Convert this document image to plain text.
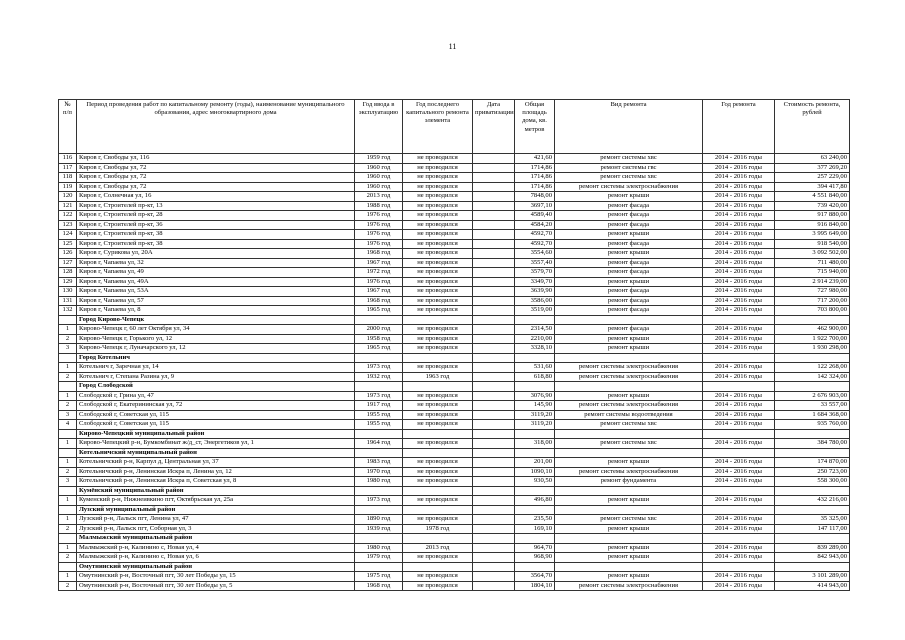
11
№ п/п	Период проведения работ по капитальному ремонту (годы), наименование муниципального образования, адрес многоквартирного дома	Год ввода в эксплуатацию	Год последнего капитального ремонта элемента	Дата приватизации	Общая площадь дома, кв. метров	Вид ремонта	Год ремонта	Стоимость ремонта, рублей
116	Киров г, Свободы ул, 116	1959 год	не проводился		421,60	ремонт системы хвс	2014 - 2016 годы	63 240,00
117	Киров г, Свободы ул, 72	1960 год	не проводился		1714,86	ремонт системы гвс	2014 - 2016 годы	377 269,20
118	Киров г, Свободы ул, 72	1960 год	не проводился		1714,86	ремонт системы хвс	2014 - 2016 годы	257 229,00
119	Киров г, Свободы ул, 72	1960 год	не проводился		1714,86	ремонт системы электроснабжения	2014 - 2016 годы	394 417,80
120	Киров г, Солнечная ул, 16	2013 год	не проводился		7848,00	ремонт крыши	2014 - 2016 годы	4 551 840,00
121	Киров г, Строителей пр-кт, 13	1988 год	не проводился		3697,10	ремонт фасада	2014 - 2016 годы	739 420,00
122	Киров г, Строителей пр-кт, 28	1976 год	не проводился		4589,40	ремонт фасада	2014 - 2016 годы	917 880,00
123	Киров г, Строителей пр-кт, 36	1976 год	не проводился		4584,20	ремонт фасада	2014 - 2016 годы	916 840,00
124	Киров г, Строителей пр-кт, 38	1976 год	не проводился		4592,70	ремонт крыши	2014 - 2016 годы	3 995 649,00
125	Киров г, Строителей пр-кт, 38	1976 год	не проводился		4592,70	ремонт фасада	2014 - 2016 годы	918 540,00
126	Киров г, Сурикова ул, 20А	1968 год	не проводился		3554,60	ремонт крыши	2014 - 2016 годы	3 092 502,00
127	Киров г, Чапаева ул, 32	1967 год	не проводился		3557,40	ремонт фасада	2014 - 2016 годы	711 480,00
128	Киров г, Чапаева ул, 49	1972 год	не проводился		3579,70	ремонт фасада	2014 - 2016 годы	715 940,00
129	Киров г, Чапаева ул, 49А	1976 год	не проводился		3349,70	ремонт крыши	2014 - 2016 годы	2 914 239,00
130	Киров г, Чапаева ул, 53А	1967 год	не проводился		3639,90	ремонт фасада	2014 - 2016 годы	727 980,00
131	Киров г, Чапаева ул, 57	1968 год	не проводился		3586,00	ремонт фасада	2014 - 2016 годы	717 200,00
132	Киров г, Чапаева ул, 8	1965 год	не проводился		3519,00	ремонт фасада	2014 - 2016 годы	703 800,00
	Город Кирово-Чепецк							
1	Кирово-Чепецк г, 60 лет Октября ул, 34	2000 год	не проводился		2314,50	ремонт фасада	2014 - 2016 годы	462 900,00
2	Кирово-Чепецк г, Горького ул, 12	1958 год	не проводился		2210,00	ремонт крыши	2014 - 2016 годы	1 922 700,00
3	Кирово-Чепецк г, Луначарского ул, 12	1965 год	не проводился		3328,10	ремонт крыши	2014 - 2016 годы	1 930 298,00
	Город Котельнич							
1	Котельнич г, Заречная ул, 14	1973 год	не проводился		531,60	ремонт системы электроснабжения	2014 - 2016 годы	122 268,00
2	Котельнич г, Степана Разина ул, 9	1932 год	1963 год		618,80	ремонт системы электроснабжения	2014 - 2016 годы	142 324,00
	Город Слободской							
1	Слободской г, Грина ул, 47	1973 год	не проводился		3076,90	ремонт крыши	2014 - 2016 годы	2 676 903,00
2	Слободской г, Екатерининская ул, 72	1917 год	не проводился		145,90	ремонт системы электроснабжения	2014 - 2016 годы	33 557,00
3	Слободской г, Советская ул, 115	1955 год	не проводился		3119,20	ремонт системы водоотведения	2014 - 2016 годы	1 684 368,00
4	Слободской г, Советская ул, 115	1955 год	не проводился		3119,20	ремонт системы хвс	2014 - 2016 годы	935 760,00
	Кирово-Чепецкий муниципальный район							
1	Кирово-Чепецкий р-н, Бумкомбинат ж/д_ст, Энергетиков ул, 1	1964 год	не проводился		318,00	ремонт системы хвс	2014 - 2016 годы	384 780,00
	Котельничский муниципальный район							
1	Котельничский р-н, Карпул д, Центральная ул, 37	1983 год	не проводился		201,00	ремонт крыши	2014 - 2016 годы	174 870,00
2	Котельничский р-н, Ленинская Искра п, Ленина ул, 12	1970 год	не проводился		1090,10	ремонт системы электроснабжения	2014 - 2016 годы	250 723,00
3	Котельничский р-н, Ленинская Искра п, Советская ул, 8	1980 год	не проводился		930,50	ремонт фундамента	2014 - 2016 годы	558 300,00
	Кумёнский муниципальный район							
1	Куменский р-н, Нижнеивкино пгт, Октябрьская ул, 25а	1973 год	не проводился		496,80	ремонт крыши	2014 - 2016 годы	432 216,00
	Лузский муниципальный район							
1	Лузский р-н, Лальск пгт, Ленина ул, 47	1890 год	не проводился		235,50	ремонт системы хвс	2014 - 2016 годы	35 325,00
2	Лузский р-н, Лальск пгт, Соборная ул, 3	1939 год	1978 год		169,10	ремонт крыши	2014 - 2016 годы	147 117,00
	Малмыжский муниципальный район							
1	Малмыжский р-н, Калинино с, Новая ул, 4	1980 год	2013 год		964,70	ремонт крыши	2014 - 2016 годы	839 289,00
2	Малмыжский р-н, Калинино с, Новая ул, 6	1979 год	не проводился		968,90	ремонт крыши	2014 - 2016 годы	842 943,00
	Омутнинский муниципальный район							
1	Омутнинский р-н, Восточный пгт, 30 лет Победы ул, 15	1975 год	не проводился		3564,70	ремонт крыши	2014 - 2016 годы	3 101 289,00
2	Омутнинский р-н, Восточный пгт, 30 лет Победы ул, 5	1968 год	не проводился		1804,10	ремонт системы электроснабжения	2014 - 2016 годы	414 943,00
